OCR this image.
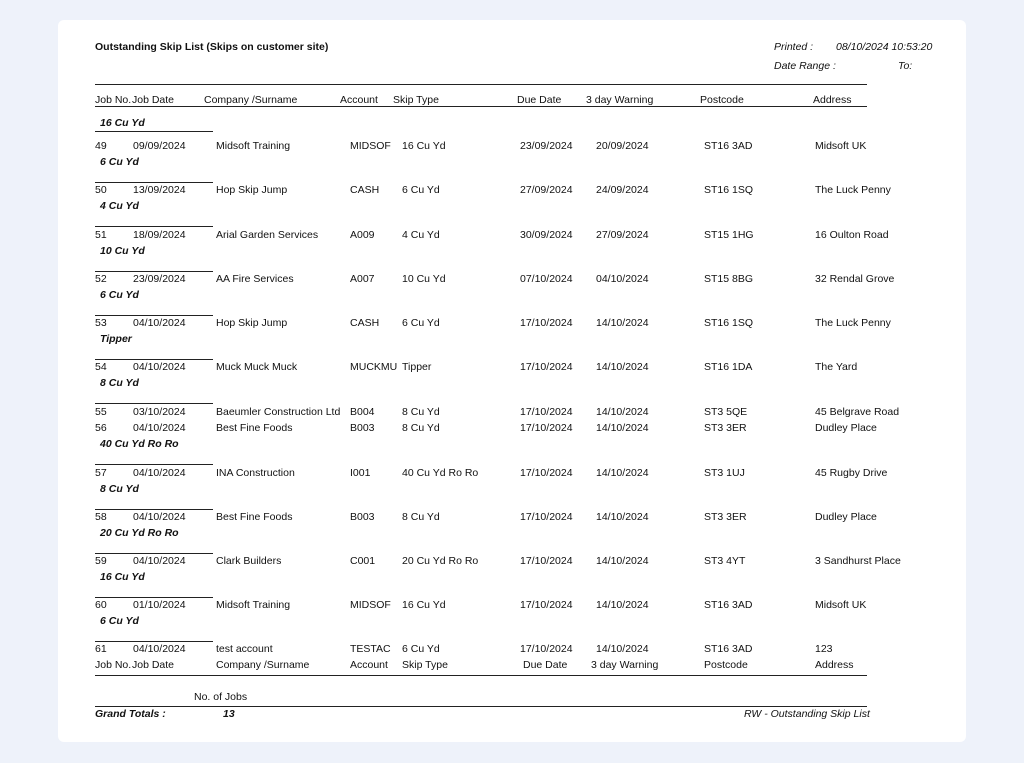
Outstanding Skip List (Skips on customer site)	Printed : 08/10/2024 10:53:20
Date Range :	To:
Job No. Job Date	Company /Surname	Account Skip Type	Due Date 3 day Warning	Postcode	Address
16 Cu Yd
49	09/09/2024	Midsoft Training	MIDSOF 16 Cu Yd	23/09/2024 20/09/2024	ST16 3AD	Midsoft UK
6 Cu Yd
50	13/09/2024	Hop Skip Jump	CASH 6 Cu Yd	27/09/2024 24/09/2024	ST16 1SQ	The Luck Penny
4 Cu Yd
51	18/09/2024	Arial Garden Services	A009	4 Cu Yd	30/09/2024 27/09/2024	ST15 1HG	16 Oulton Road
10 Cu Yd
52	23/09/2024	AA Fire Services	A007	10 Cu Yd	07/10/2024 04/10/2024	ST15 8BG	32 Rendal Grove
6 Cu Yd
53	04/10/2024	Hop Skip Jump	CASH 6 Cu Yd	17/10/2024 14/10/2024	ST16 1SQ	The Luck Penny
Tipper
54	04/10/2024	Muck Muck Muck	MUCKMU Tipper	17/10/2024 14/10/2024	ST16 1DA	The Yard
8 Cu Yd
55	03/10/2024	Baeumler Construction Ltd B004	8 Cu Yd	17/10/2024 14/10/2024	ST3 5QE	45 Belgrave Road
56	04/10/2024	Best Fine Foods	B003	8 Cu Yd	17/10/2024 14/10/2024	ST3 3ER	Dudley Place
40 Cu Yd Ro Ro
57	04/10/2024	INA Construction	I001	40 Cu Yd Ro Ro	17/10/2024 14/10/2024	ST3 1UJ	45 Rugby Drive
8 Cu Yd
58	04/10/2024	Best Fine Foods	B003	8 Cu Yd	17/10/2024 14/10/2024	ST3 3ER	Dudley Place
20 Cu Yd Ro Ro
59	04/10/2024	Clark Builders	C001	20 Cu Yd Ro Ro	17/10/2024 14/10/2024	ST3 4YT	3 Sandhurst Place
16 Cu Yd
60	01/10/2024	Midsoft Training	MIDSOF 16 Cu Yd	17/10/2024 14/10/2024	ST16 3AD	Midsoft UK
6 Cu Yd
61	04/10/2024	test account	TESTAC 6 Cu Yd	17/10/2024 14/10/2024	ST16 3AD	123
Job No. Job Date	Company /Surname	Account Skip Type	Due Date 3 day Warning	Postcode	Address
No. of Jobs
Grand Totals :	13	RW - Outstanding Skip List
